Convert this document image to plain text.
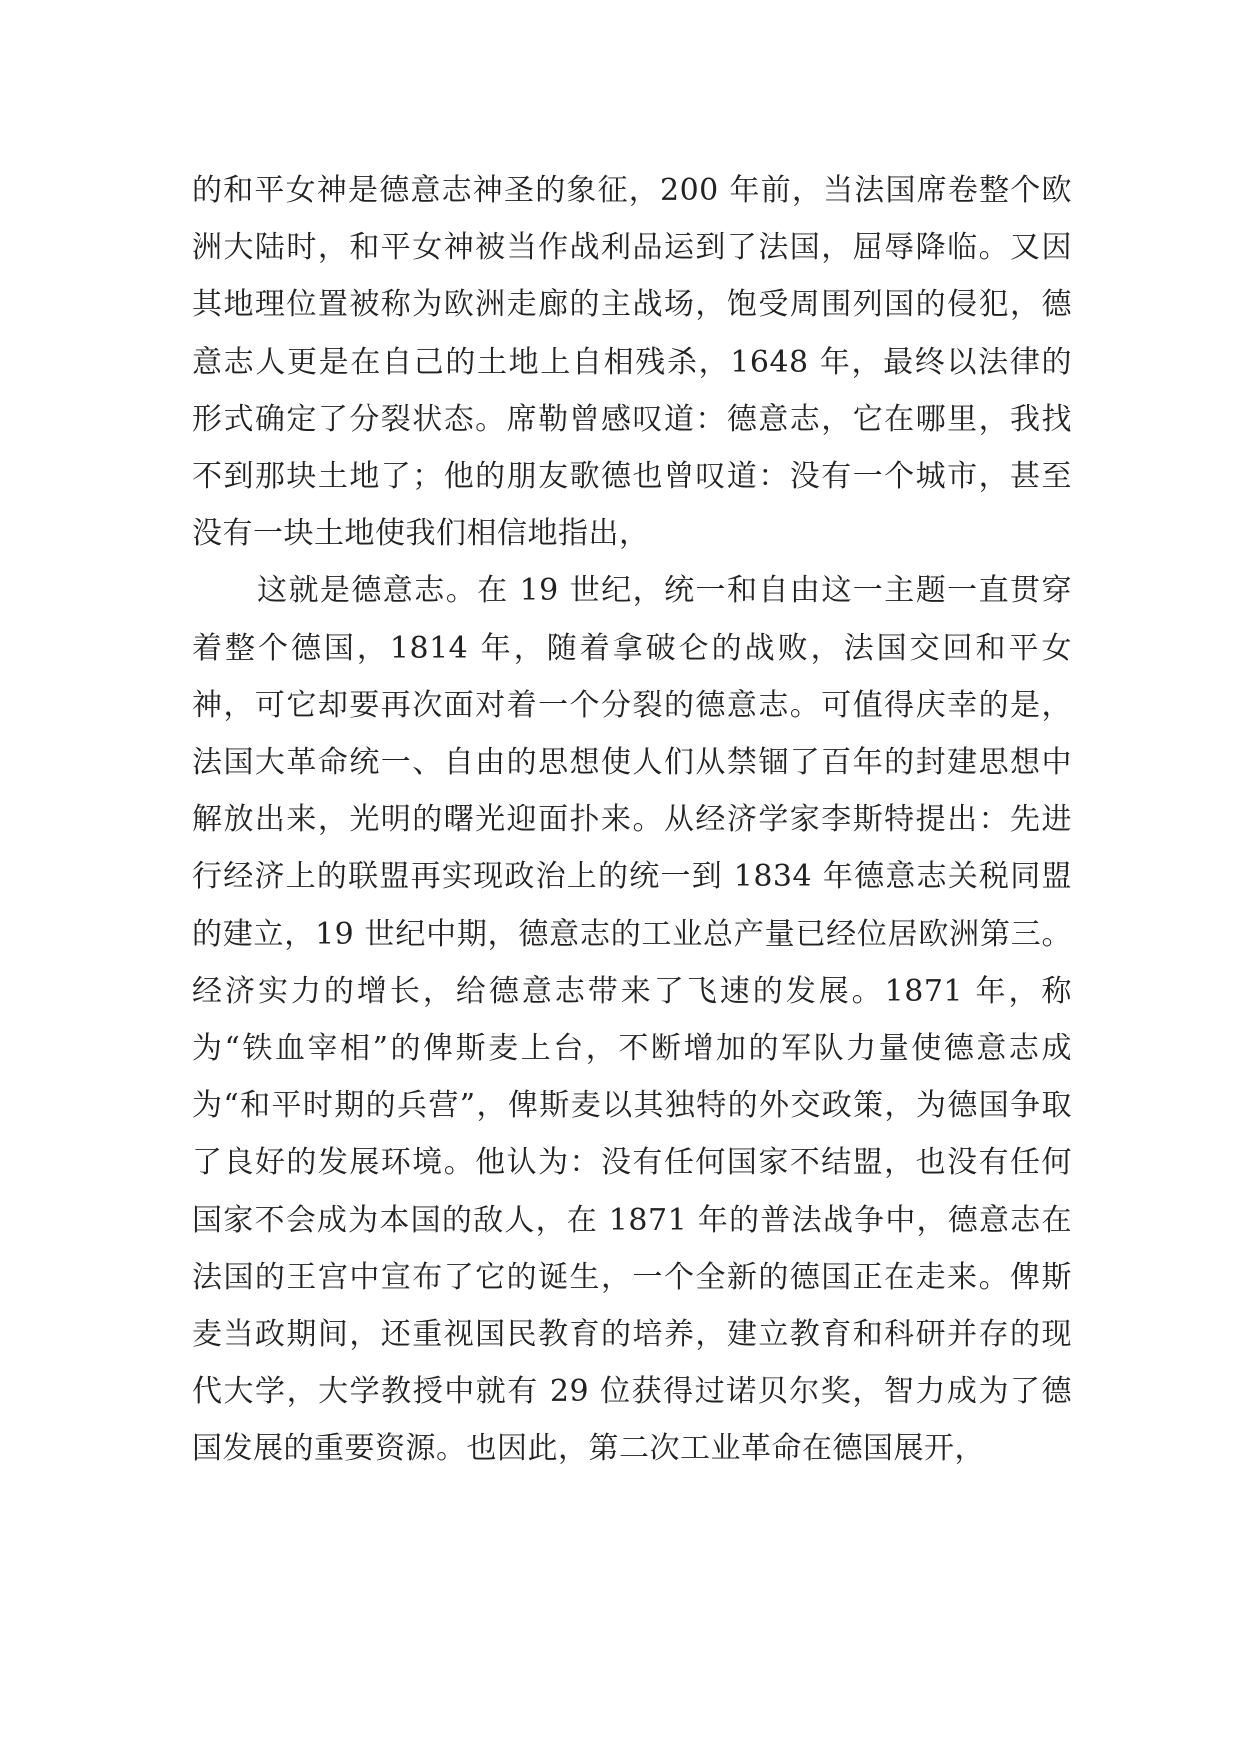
的和平女神是德意志神圣的象征，200 年前，当法国席卷整个欧洲大陆时，和平女神被当作战利品运到了法国，屈辱降临。又因其地理位置被称为欧洲走廊的主战场，饱受周围列国的侵犯，德意志人更是在自己的土地上自相残杀，1648 年，最终以法律的形式确定了分裂状态。席勒曾感叹道：德意志，它在哪里，我找不到那块土地了；他的朋友歌德也曾叹道：没有一个城市，甚至没有一块土地使我们相信地指出，

这就是德意志。在 19 世纪，统一和自由这一主题一直贯穿着整个德国，1814 年，随着拿破仑的战败，法国交回和平女神，可它却要再次面对着一个分裂的德意志。可值得庆幸的是，法国大革命统一、自由的思想使人们从禁锢了百年的封建思想中解放出来，光明的曙光迎面扑来。从经济学家李斯特提出：先进行经济上的联盟再实现政治上的统一到 1834 年德意志关税同盟的建立，19 世纪中期，德意志的工业总产量已经位居欧洲第三。经济实力的增长，给德意志带来了飞速的发展。1871 年，称为“铁血宰相”的俾斯麦上台，不断增加的军队力量使德意志成为“和平时期的兵营”，俾斯麦以其独特的外交政策，为德国争取了良好的发展环境。他认为：没有任何国家不结盟，也没有任何国家不会成为本国的敌人，在 1871 年的普法战争中，德意志在法国的王宫中宣布了它的诞生，一个全新的德国正在走来。俾斯麦当政期间，还重视国民教育的培养，建立教育和科研并存的现代大学，大学教授中就有 29 位获得过诺贝尔奖，智力成为了德国发展的重要资源。也因此，第二次工业革命在德国展开，
